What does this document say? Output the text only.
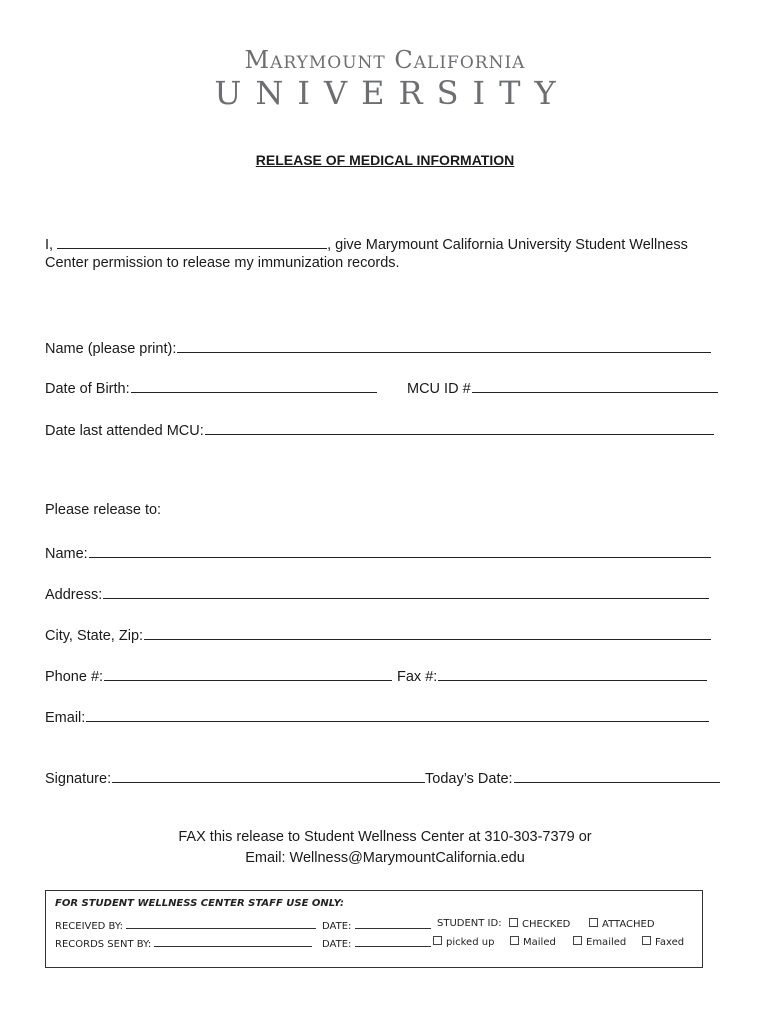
Marymount California
UNIVERSITY
RELEASE OF MEDICAL INFORMATION
I,	, give Marymount California University Student Wellness
Center permission to release my immunization records.
Name (please print):
Date of Birth:	MCU ID #
Date last attended MCU:
Please release to:
Name:
Address:
City, State, Zip:
Phone #:	Fax #:
Email:
Signature:	Today’s Date:
FAX this release to Student Wellness Center at 310-303-7379 or
Email: Wellness@MarymountCalifornia.edu
FOR STUDENT WELLNESS CENTER STAFF USE ONLY:
RECEIVED BY:	DATE:	STUDENT ID:	CHECKED	ATTACHED
RECORDS SENT BY:	DATE:	picked up	Mailed	Emailed	Faxed
